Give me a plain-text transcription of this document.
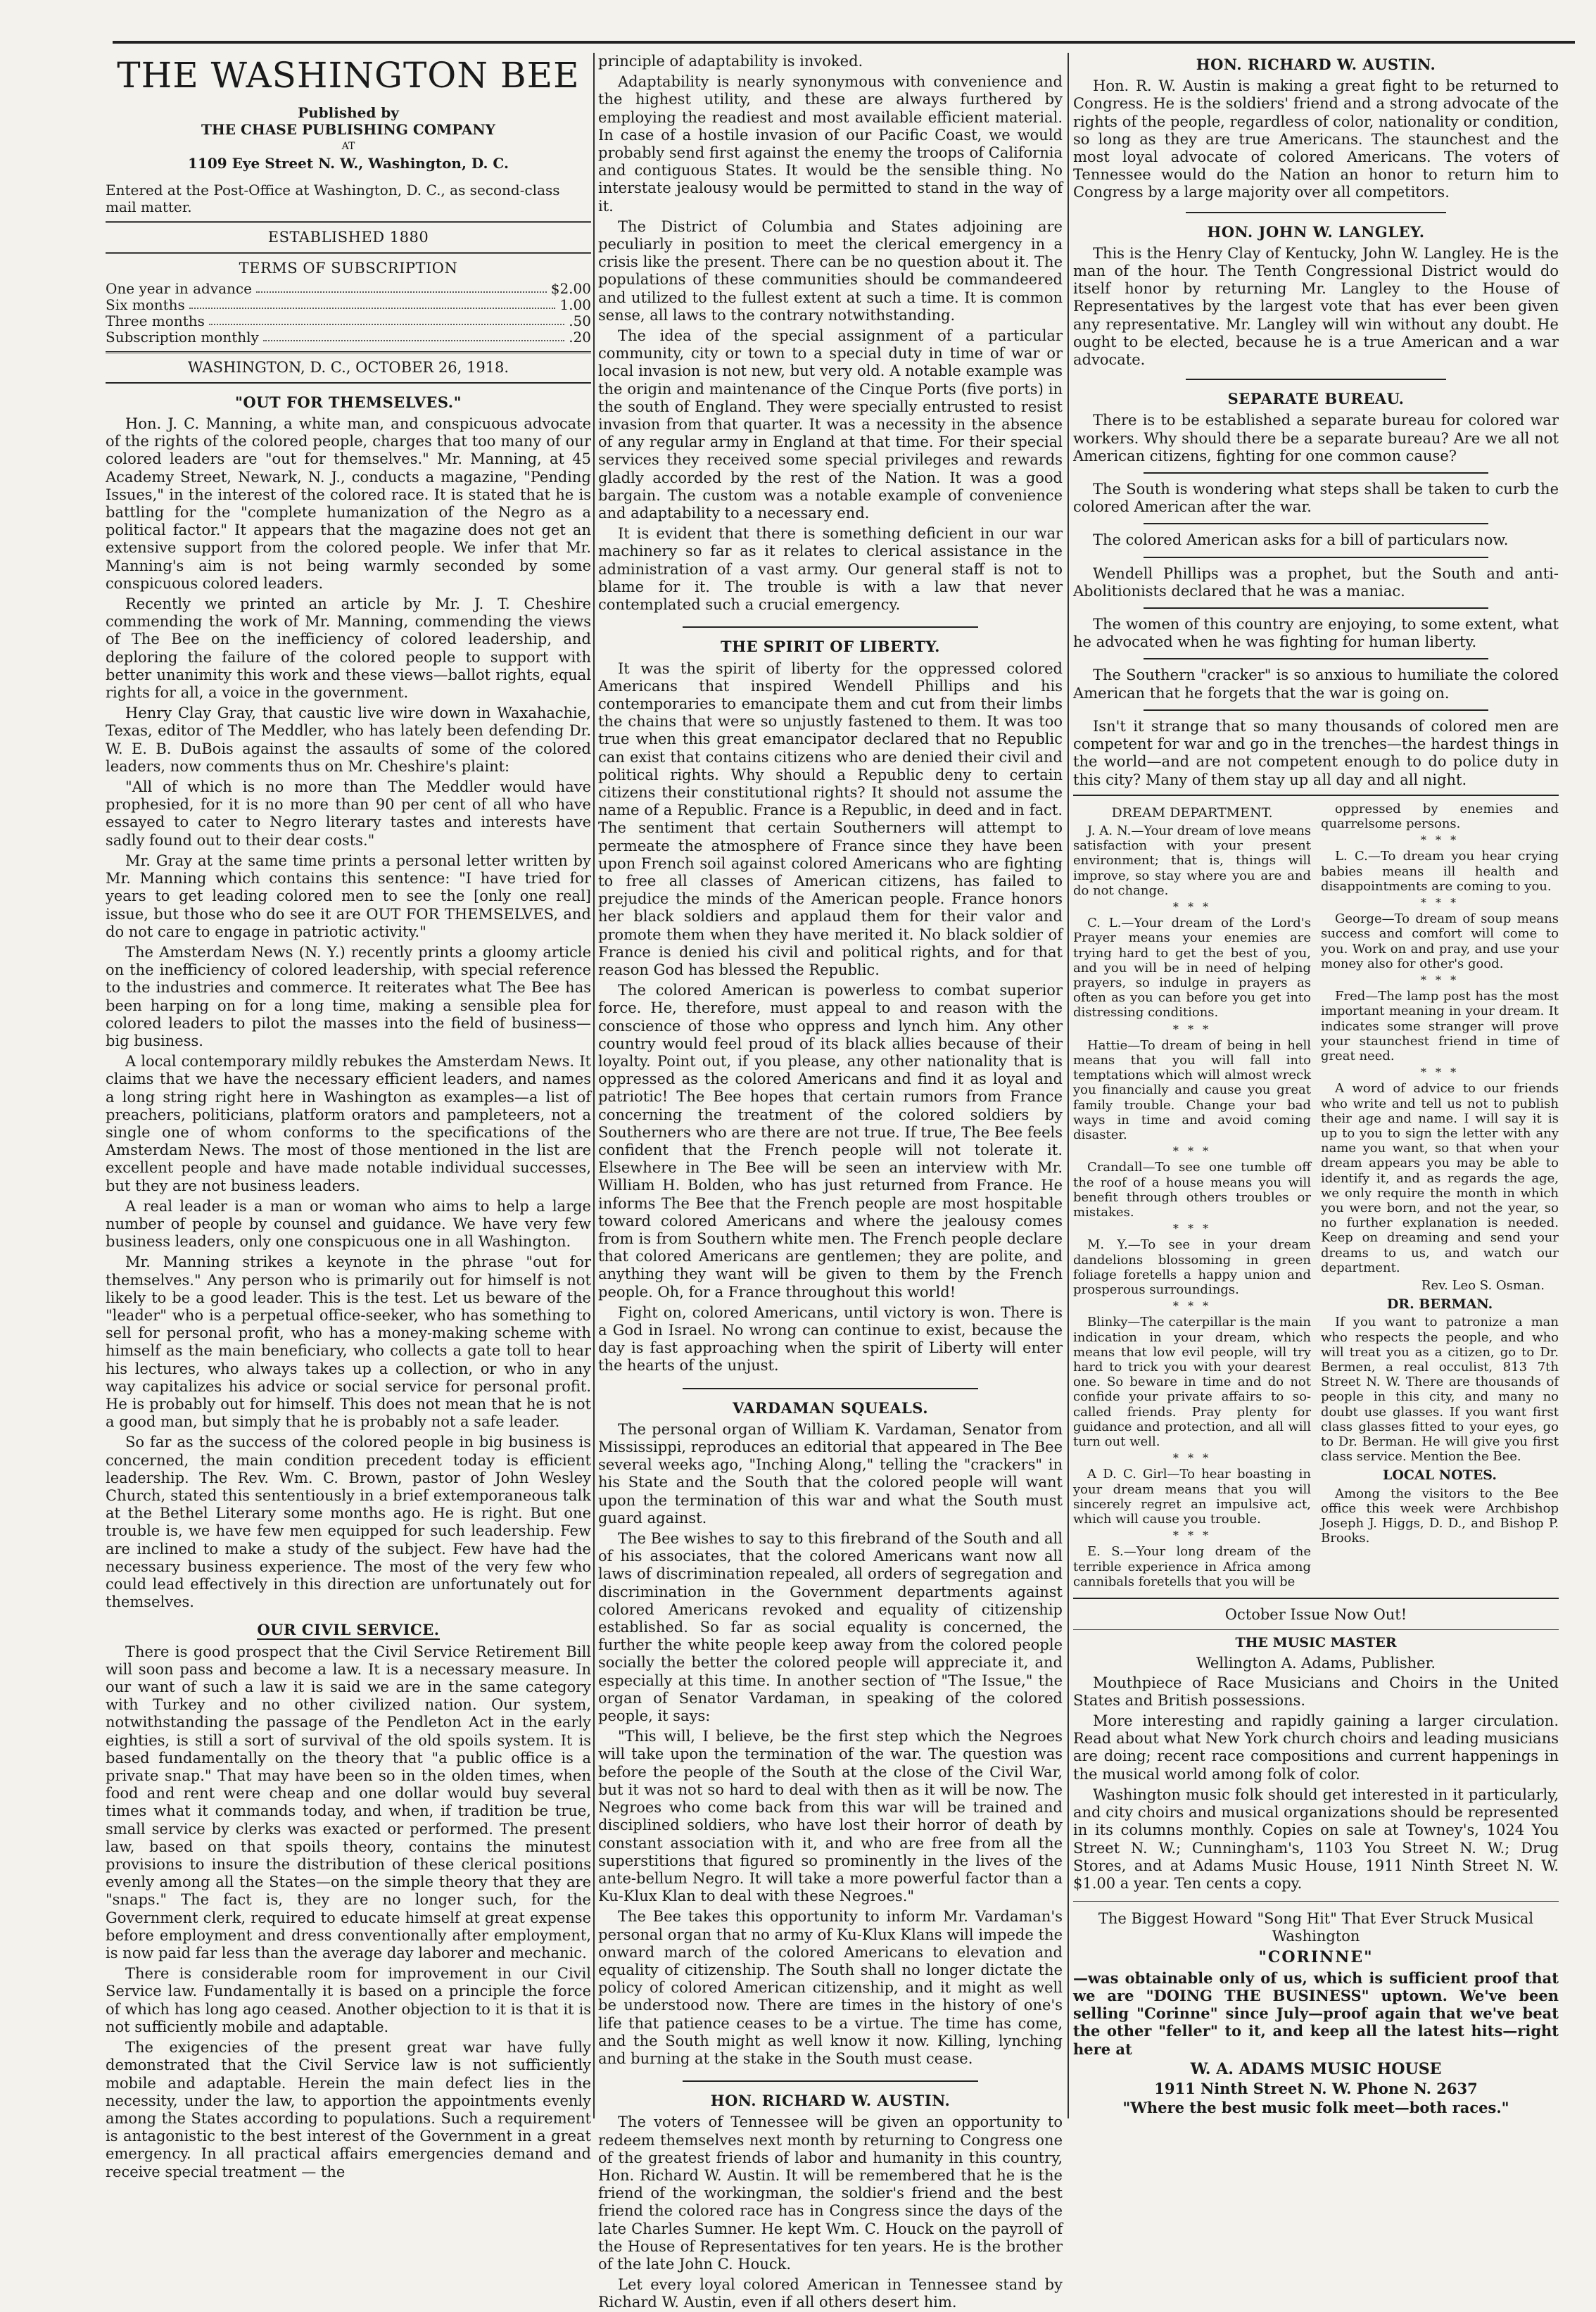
THE WASHINGTON BEE
Published by
THE CHASE PUBLISHING COMPANY
AT
1109 Eye Street N. W., Washington, D. C.
Entered at the Post-Office at Washington, D. C., as second-class mail matter.
ESTABLISHED 1880
TERMS OF SUBSCRIPTION
One year in advance	$2.00
Six months	1.00
Three months	.50
Subscription monthly	.20
WASHINGTON, D. C., OCTOBER 26, 1918.
"OUT FOR THEMSELVES."

Hon. J. C. Manning, a white man, and conspicuous advocate of the rights of the colored people, charges that too many of our colored leaders are "out for themselves." Mr. Manning, at 45 Academy Street, Newark, N. J., conducts a magazine, "Pending Issues," in the interest of the colored race. It is stated that he is battling for the "complete humanization of the Negro as a political factor." It appears that the magazine does not get an extensive support from the colored people. We infer that Mr. Manning's aim is not being warmly seconded by some conspicuous colored leaders.

Recently we printed an article by Mr. J. T. Cheshire commending the work of Mr. Manning, commending the views of The Bee on the inefficiency of colored leadership, and deploring the failure of the colored people to support with better unanimity this work and these views—ballot rights, equal rights for all, a voice in the government.

Henry Clay Gray, that caustic live wire down in Waxahachie, Texas, editor of The Meddler, who has lately been defending Dr. W. E. B. DuBois against the assaults of some of the colored leaders, now comments thus on Mr. Cheshire's plaint:

"All of which is no more than The Meddler would have prophesied, for it is no more than 90 per cent of all who have essayed to cater to Negro literary tastes and interests have sadly found out to their dear costs."

Mr. Gray at the same time prints a personal letter written by Mr. Manning which contains this sentence: "I have tried for years to get leading colored men to see the [only one real] issue, but those who do see it are OUT FOR THEMSELVES, and do not care to engage in patriotic activity."

The Amsterdam News (N. Y.) recently prints a gloomy article on the inefficiency of colored leadership, with special reference to the industries and commerce. It reiterates what The Bee has been harping on for a long time, making a sensible plea for colored leaders to pilot the masses into the field of business—big business.

A local contemporary mildly rebukes the Amsterdam News. It claims that we have the necessary efficient leaders, and names a long string right here in Washington as examples—a list of preachers, politicians, platform orators and pampleteers, not a single one of whom conforms to the specifications of the Amsterdam News. The most of those mentioned in the list are excellent people and have made notable individual successes, but they are not business leaders.

A real leader is a man or woman who aims to help a large number of people by counsel and guidance. We have very few business leaders, only one conspicuous one in all Washington.

Mr. Manning strikes a keynote in the phrase "out for themselves." Any person who is primarily out for himself is not likely to be a good leader. This is the test. Let us beware of the "leader" who is a perpetual office-seeker, who has something to sell for personal profit, who has a money-making scheme with himself as the main beneficiary, who collects a gate toll to hear his lectures, who always takes up a collection, or who in any way capitalizes his advice or social service for personal profit. He is probably out for himself. This does not mean that he is not a good man, but simply that he is probably not a safe leader.

So far as the success of the colored people in big business is concerned, the main condition precedent today is efficient leadership. The Rev. Wm. C. Brown, pastor of John Wesley Church, stated this sententiously in a brief extemporaneous talk at the Bethel Literary some months ago. He is right. But one trouble is, we have few men equipped for such leadership. Few are inclined to make a study of the subject. Few have had the necessary business experience. The most of the very few who could lead effectively in this direction are unfortunately out for themselves.

OUR CIVIL SERVICE.

There is good prospect that the Civil Service Retirement Bill will soon pass and become a law. It is a necessary measure. In our want of such a law it is said we are in the same category with Turkey and no other civilized nation. Our system, notwithstanding the passage of the Pendleton Act in the early eighties, is still a sort of survival of the old spoils system. It is based fundamentally on the theory that "a public office is a private snap." That may have been so in the olden times, when food and rent were cheap and one dollar would buy several times what it commands today, and when, if tradition be true, small service by clerks was exacted or performed. The present law, based on that spoils theory, contains the minutest provisions to insure the distribution of these clerical positions evenly among all the States—on the simple theory that they are "snaps." The fact is, they are no longer such, for the Government clerk, required to educate himself at great expense before employment and dress conventionally after employment, is now paid far less than the average day laborer and mechanic.

There is considerable room for improvement in our Civil Service law. Fundamentally it is based on a principle the force of which has long ago ceased. Another objection to it is that it is not sufficiently mobile and adaptable.

The exigencies of the present great war have fully demonstrated that the Civil Service law is not sufficiently mobile and adaptable. Herein the main defect lies in the necessity, under the law, to apportion the appointments evenly among the States according to populations. Such a requirement is antagonistic to the best interest of the Government in a great emergency. In all practical affairs emergencies demand and receive special treatment — the

principle of adaptability is invoked.

Adaptability is nearly synonymous with convenience and the highest utility, and these are always furthered by employing the readiest and most available efficient material. In case of a hostile invasion of our Pacific Coast, we would probably send first against the enemy the troops of California and contiguous States. It would be the sensible thing. No interstate jealousy would be permitted to stand in the way of it.

The District of Columbia and States adjoining are peculiarly in position to meet the clerical emergency in a crisis like the present. There can be no question about it. The populations of these communities should be commandeered and utilized to the fullest extent at such a time. It is common sense, all laws to the contrary notwithstanding.

The idea of the special assignment of a particular community, city or town to a special duty in time of war or local invasion is not new, but very old. A notable example was the origin and maintenance of the Cinque Ports (five ports) in the south of England. They were specially entrusted to resist invasion from that quarter. It was a necessity in the absence of any regular army in England at that time. For their special services they received some special privileges and rewards gladly accorded by the rest of the Nation. It was a good bargain. The custom was a notable example of convenience and adaptability to a necessary end.

It is evident that there is something deficient in our war machinery so far as it relates to clerical assistance in the administration of a vast army. Our general staff is not to blame for it. The trouble is with a law that never contemplated such a crucial emergency.

THE SPIRIT OF LIBERTY.

It was the spirit of liberty for the oppressed colored Americans that inspired Wendell Phillips and his contemporaries to emancipate them and cut from their limbs the chains that were so unjustly fastened to them. It was too true when this great emancipator declared that no Republic can exist that contains citizens who are denied their civil and political rights. Why should a Republic deny to certain citizens their constitutional rights? It should not assume the name of a Republic. France is a Republic, in deed and in fact. The sentiment that certain Southerners will attempt to permeate the atmosphere of France since they have been upon French soil against colored Americans who are fighting to free all classes of American citizens, has failed to prejudice the minds of the American people. France honors her black soldiers and applaud them for their valor and promote them when they have merited it. No black soldier of France is denied his civil and political rights, and for that reason God has blessed the Republic.

The colored American is powerless to combat superior force. He, therefore, must appeal to and reason with the conscience of those who oppress and lynch him. Any other country would feel proud of its black allies because of their loyalty. Point out, if you please, any other nationality that is oppressed as the colored Americans and find it as loyal and patriotic! The Bee hopes that certain rumors from France concerning the treatment of the colored soldiers by Southerners who are there are not true. If true, The Bee feels confident that the French people will not tolerate it. Elsewhere in The Bee will be seen an interview with Mr. William H. Bolden, who has just returned from France. He informs The Bee that the French people are most hospitable toward colored Americans and where the jealousy comes from is from Southern white men. The French people declare that colored Americans are gentlemen; they are polite, and anything they want will be given to them by the French people. Oh, for a France throughout this world!

Fight on, colored Americans, until victory is won. There is a God in Israel. No wrong can continue to exist, because the day is fast approaching when the spirit of Liberty will enter the hearts of the unjust.

VARDAMAN SQUEALS.

The personal organ of William K. Vardaman, Senator from Mississippi, reproduces an editorial that appeared in The Bee several weeks ago, "Inching Along," telling the "crackers" in his State and the South that the colored people will want upon the termination of this war and what the South must guard against.

The Bee wishes to say to this firebrand of the South and all of his associates, that the colored Americans want now all laws of discrimination repealed, all orders of segregation and discrimination in the Government departments against colored Americans revoked and equality of citizenship established. So far as social equality is concerned, the further the white people keep away from the colored people socially the better the colored people will appreciate it, and especially at this time. In another section of "The Issue," the organ of Senator Vardaman, in speaking of the colored people, it says:

"This will, I believe, be the first step which the Negroes will take upon the termination of the war. The question was before the people of the South at the close of the Civil War, but it was not so hard to deal with then as it will be now. The Negroes who come back from this war will be trained and disciplined soldiers, who have lost their horror of death by constant association with it, and who are free from all the superstitions that figured so prominently in the lives of the ante-bellum Negro. It will take a more powerful factor than a Ku-Klux Klan to deal with these Negroes."

The Bee takes this opportunity to inform Mr. Vardaman's personal organ that no army of Ku-Klux Klans will impede the onward march of the colored Americans to elevation and equality of citizenship. The South shall no longer dictate the policy of colored American citizenship, and it might as well be understood now. There are times in the history of one's life that patience ceases to be a virtue. The time has come, and the South might as well know it now. Killing, lynching and burning at the stake in the South must cease.

HON. RICHARD W. AUSTIN.

The voters of Tennessee will be given an opportunity to redeem themselves next month by returning to Congress one of the greatest friends of labor and humanity in this country, Hon. Richard W. Austin. It will be remembered that he is the friend of the workingman, the soldier's friend and the best friend the colored race has in Congress since the days of the late Charles Sumner. He kept Wm. C. Houck on the payroll of the House of Representatives for ten years. He is the brother of the late John C. Houck.

Let every loyal colored American in Tennessee stand by Richard W. Austin, even if all others desert him.

HON. RICHARD W. AUSTIN.

Hon. R. W. Austin is making a great fight to be returned to Congress. He is the soldiers' friend and a strong advocate of the rights of the people, regardless of color, nationality or condition, so long as they are true Americans. The staunchest and the most loyal advocate of colored Americans. The voters of Tennessee would do the Nation an honor to return him to Congress by a large majority over all competitors.

HON. JOHN W. LANGLEY.

This is the Henry Clay of Kentucky, John W. Langley. He is the man of the hour. The Tenth Congressional District would do itself honor by returning Mr. Langley to the House of Representatives by the largest vote that has ever been given any representative. Mr. Langley will win without any doubt. He ought to be elected, because he is a true American and a war advocate.

SEPARATE BUREAU.

There is to be established a separate bureau for colored war workers. Why should there be a separate bureau? Are we all not American citizens, fighting for one common cause?

The South is wondering what steps shall be taken to curb the colored American after the war.

The colored American asks for a bill of particulars now.

Wendell Phillips was a prophet, but the South and anti-Abolitionists declared that he was a maniac.

The women of this country are enjoying, to some extent, what he advocated when he was fighting for human liberty.

The Southern "cracker" is so anxious to humiliate the colored American that he forgets that the war is going on.

Isn't it strange that so many thousands of colored men are competent for war and go in the trenches—the hardest things in the world—and are not competent enough to do police duty in this city? Many of them stay up all day and all night.

DREAM DEPARTMENT.

J. A. N.—Your dream of love means satisfaction with your present environment; that is, things will improve, so stay where you are and do not change.

* * *

C. L.—Your dream of the Lord's Prayer means your enemies are trying hard to get the best of you, and you will be in need of helping prayers, so indulge in prayers as often as you can before you get into distressing conditions.

* * *

Hattie—To dream of being in hell means that you will fall into temptations which will almost wreck you financially and cause you great family trouble. Change your bad ways in time and avoid coming disaster.

* * *

Crandall—To see one tumble off the roof of a house means you will benefit through others troubles or mistakes.

* * *

M. Y.—To see in your dream dandelions blossoming in green foliage foretells a happy union and prosperous surroundings.

* * *

Blinky—The caterpillar is the main indication in your dream, which means that low evil people, will try hard to trick you with your dearest one. So beware in time and do not confide your private affairs to so-called friends. Pray plenty for guidance and protection, and all will turn out well.

* * *

A D. C. Girl—To hear boasting in your dream means that you will sincerely regret an impulsive act, which will cause you trouble.

* * *

E. S.—Your long dream of the terrible experience in Africa among cannibals foretells that you will be

oppressed by enemies and quarrelsome persons.

* * *

L. C.—To dream you hear crying babies means ill health and disappointments are coming to you.

* * *

George—To dream of soup means success and comfort will come to you. Work on and pray, and use your money also for other's good.

* * *

Fred—The lamp post has the most important meaning in your dream. It indicates some stranger will prove your staunchest friend in time of great need.

* * *

A word of advice to our friends who write and tell us not to publish their age and name. I will say it is up to you to sign the letter with any name you want, so that when your dream appears you may be able to identify it, and as regards the age, we only require the month in which you were born, and not the year, so no further explanation is needed. Keep on dreaming and send your dreams to us, and watch our department.

Rev. Leo S. Osman.
DR. BERMAN.

If you want to patronize a man who respects the people, and who will treat you as a citizen, go to Dr. Bermen, a real occulist, 813 7th Street N. W. There are thousands of people in this city, and many no doubt use glasses. If you want first class glasses fitted to your eyes, go to Dr. Berman. He will give you first class service. Mention the Bee.

LOCAL NOTES.

Among the visitors to the Bee office this week were Archbishop Joseph J. Higgs, D. D., and Bishop P. Brooks.

October Issue Now Out!
THE MUSIC MASTER
Wellington A. Adams, Publisher.

Mouthpiece of Race Musicians and Choirs in the United States and British possessions.

More interesting and rapidly gaining a larger circulation. Read about what New York church choirs and leading musicians are doing; recent race compositions and current happenings in the musical world among folk of color.

Washington music folk should get interested in it particularly, and city choirs and musical organizations should be represented in its columns monthly. Copies on sale at Towney's, 1024 You Street N. W.; Cunningham's, 1103 You Street N. W.; Drug Stores, and at Adams Music House, 1911 Ninth Street N. W. $1.00 a year. Ten cents a copy.

The Biggest Howard "Song Hit" That Ever Struck Musical Washington
"CORINNE"

—was obtainable only of us, which is sufficient proof that we are "DOING THE BUSINESS" uptown. We've been selling "Corinne" since July—proof again that we've beat the other "feller" to it, and keep all the latest hits—right here at

W. A. ADAMS MUSIC HOUSE
1911 Ninth Street N. W. Phone N. 2637
"Where the best music folk meet—both races."
